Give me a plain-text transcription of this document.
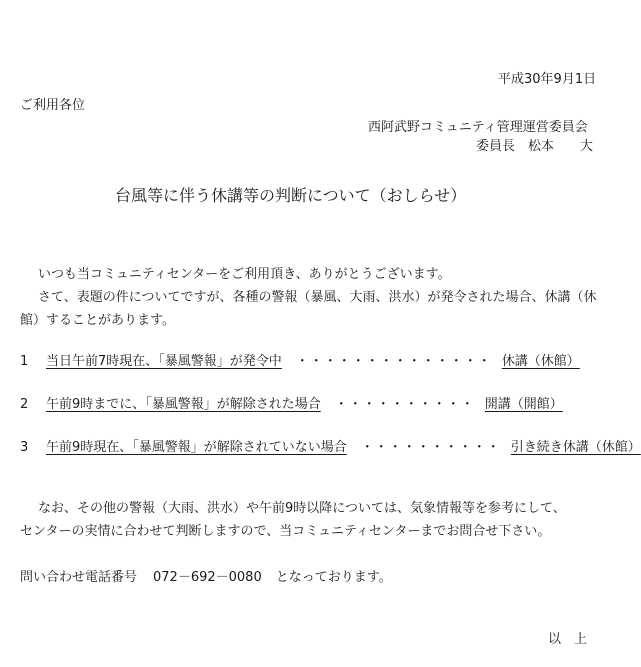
平成30年9月1日
ご利用各位
西阿武野コミュニティ管理運営委員会
委員長　松本　　大
台風等に伴う休講等の判断について（おしらせ）
いつも当コミュニティセンターをご利用頂き、ありがとうございます。
さて、表題の件についてですが、各種の警報（暴風、大雨、洪水）が発令された場合、休講（休
館）することがあります。
1 当日午前7時現在、「暴風警報」が発令中 ・・・・・・・・・・・・・・ 休講（休館）
2 午前9時までに、「暴風警報」が解除された場合 ・・・・・・・・・・ 開講（開館）
3 午前9時現在、「暴風警報」が解除されていない場合 ・・・・・・・・・・ 引き続き休講（休館）
なお、その他の警報（大雨、洪水）や午前9時以降については、気象情報等を参考にして、
センターの実情に合わせて判断しますので、当コミュニティセンターまでお問合せ下さい。
問い合わせ電話番号 072－692－0080 となっております。
以　上
